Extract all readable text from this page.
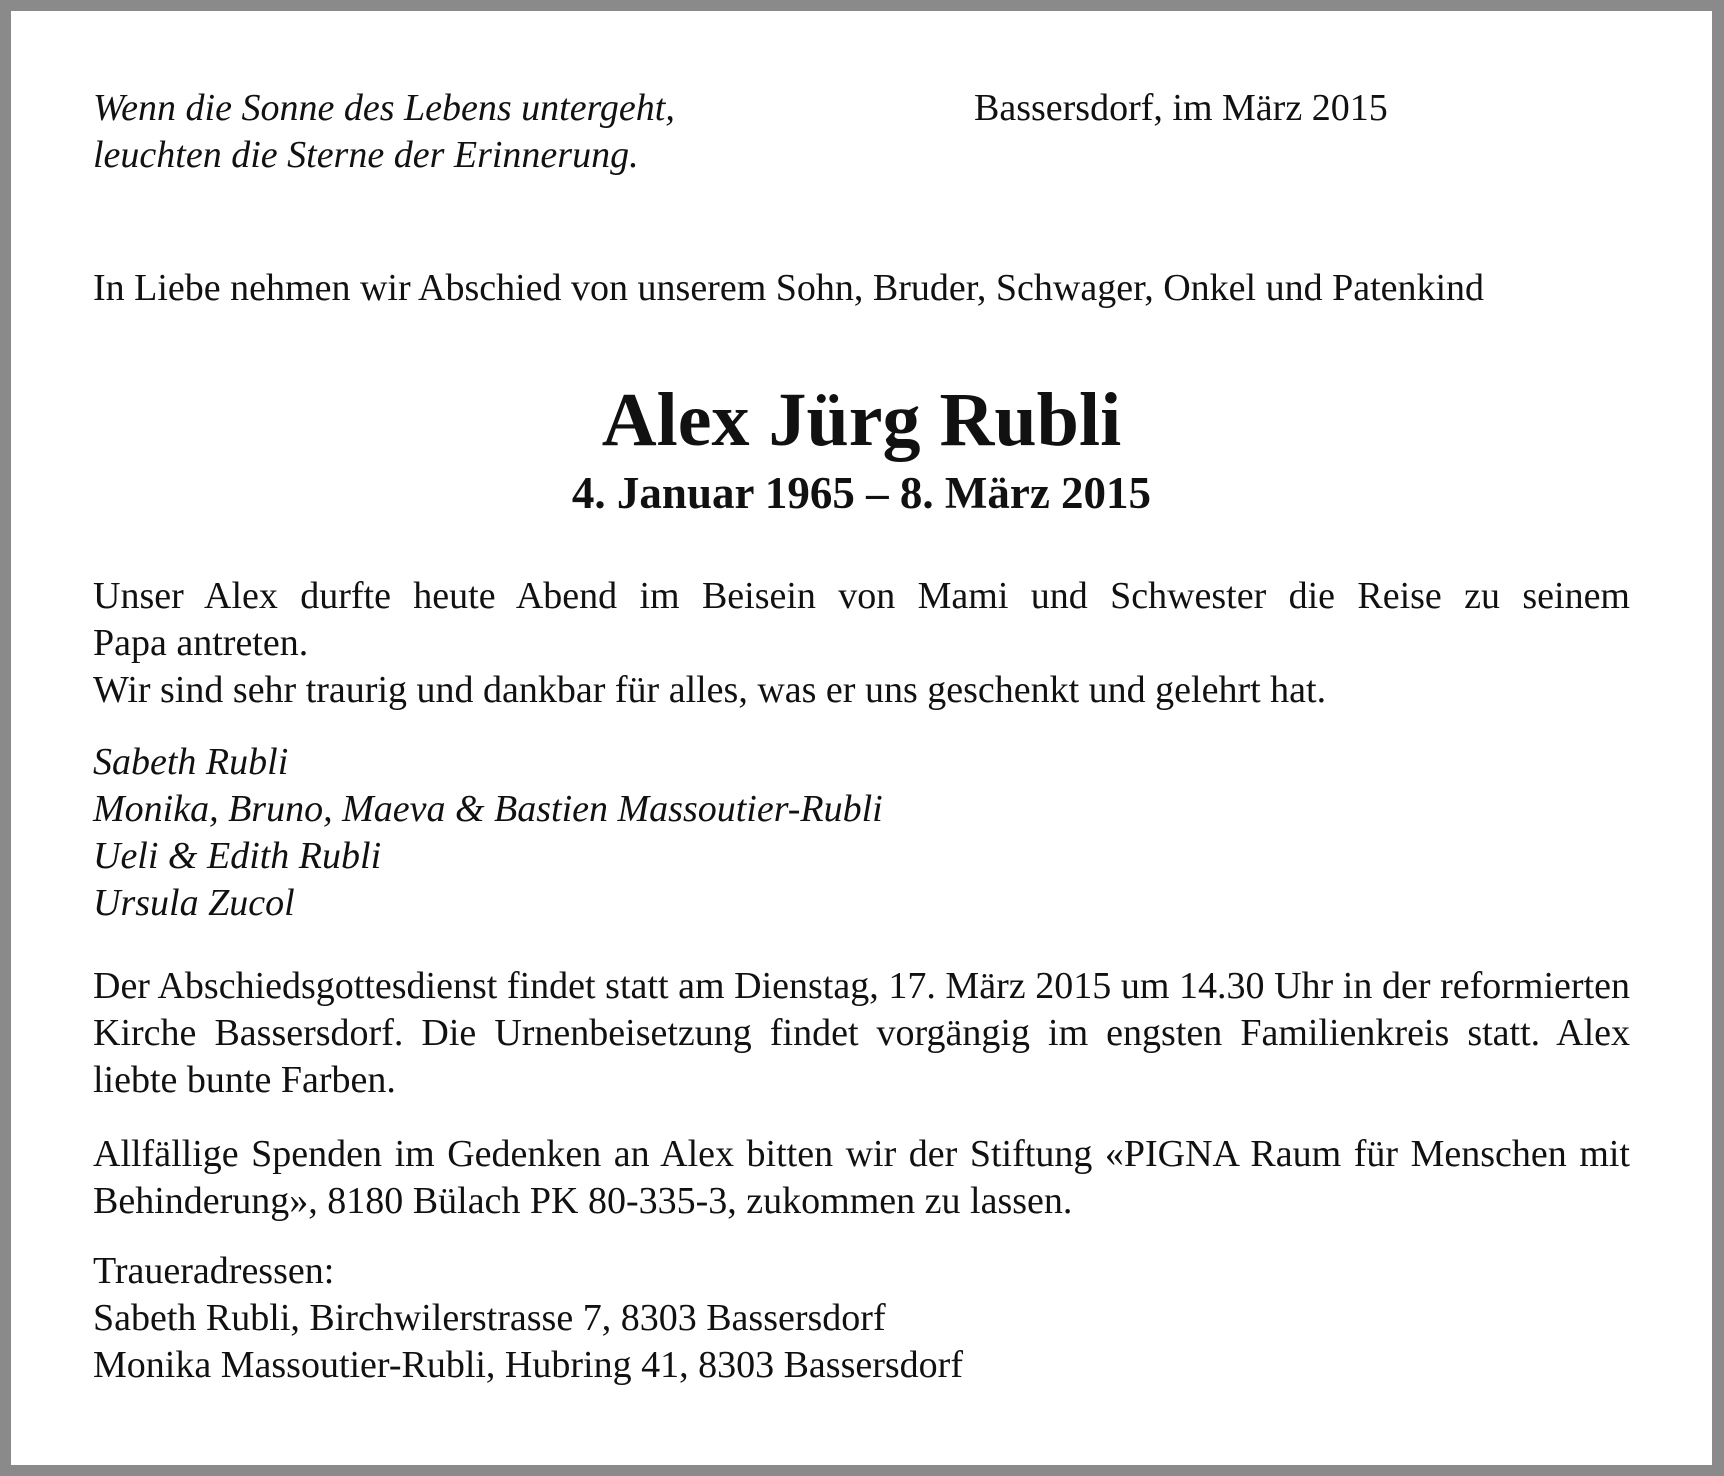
Wenn die Sonne des Lebens untergeht,
leuchten die Sterne der Erinnerung.

Bassersdorf, im März 2015

In Liebe nehmen wir Abschied von unserem Sohn, Bruder, Schwager, Onkel und Patenkind

Alex Jürg Rubli
4. Januar 1965 – 8. März 2015
Unser Alex durfte heute Abend im Beisein von Mami und Schwester die Reise zu seinem
Papa antreten.
Wir sind sehr traurig und dankbar für alles, was er uns geschenkt und gelehrt hat.
Sabeth Rubli
Monika, Bruno, Maeva & Bastien Massoutier-Rubli
Ueli & Edith Rubli
Ursula Zucol

Der Abschiedsgottesdienst findet statt am Dienstag, 17. März 2015 um 14.30 Uhr in der reformierten Kirche Bassersdorf. Die Urnenbeisetzung findet vorgängig im engsten Familienkreis statt. Alex liebte bunte Farben.

Allfällige Spenden im Gedenken an Alex bitten wir der Stiftung «PIGNA Raum für Menschen mit Behinderung», 8180 Bülach PK 80-335-3, zukommen zu lassen.

Traueradressen:
Sabeth Rubli, Birchwilerstrasse 7, 8303 Bassersdorf
Monika Massoutier-Rubli, Hubring 41, 8303 Bassersdorf
